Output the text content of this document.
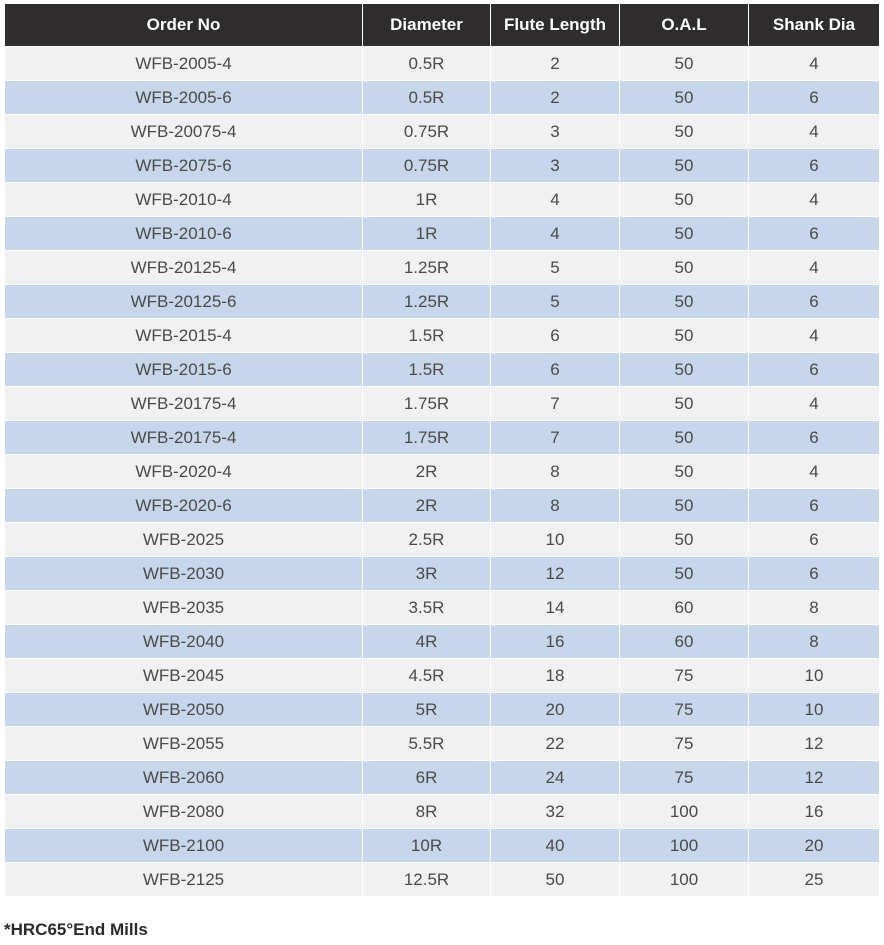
Order No	Diameter	Flute Length	O.A.L	Shank Dia
WFB-2005-4	0.5R	2	50	4
WFB-2005-6	0.5R	2	50	6
WFB-20075-4	0.75R	3	50	4
WFB-2075-6	0.75R	3	50	6
WFB-2010-4	1R	4	50	4
WFB-2010-6	1R	4	50	6
WFB-20125-4	1.25R	5	50	4
WFB-20125-6	1.25R	5	50	6
WFB-2015-4	1.5R	6	50	4
WFB-2015-6	1.5R	6	50	6
WFB-20175-4	1.75R	7	50	4
WFB-20175-4	1.75R	7	50	6
WFB-2020-4	2R	8	50	4
WFB-2020-6	2R	8	50	6
WFB-2025	2.5R	10	50	6
WFB-2030	3R	12	50	6
WFB-2035	3.5R	14	60	8
WFB-2040	4R	16	60	8
WFB-2045	4.5R	18	75	10
WFB-2050	5R	20	75	10
WFB-2055	5.5R	22	75	12
WFB-2060	6R	24	75	12
WFB-2080	8R	32	100	16
WFB-2100	10R	40	100	20
WFB-2125	12.5R	50	100	25
*HRC65°End Mills
